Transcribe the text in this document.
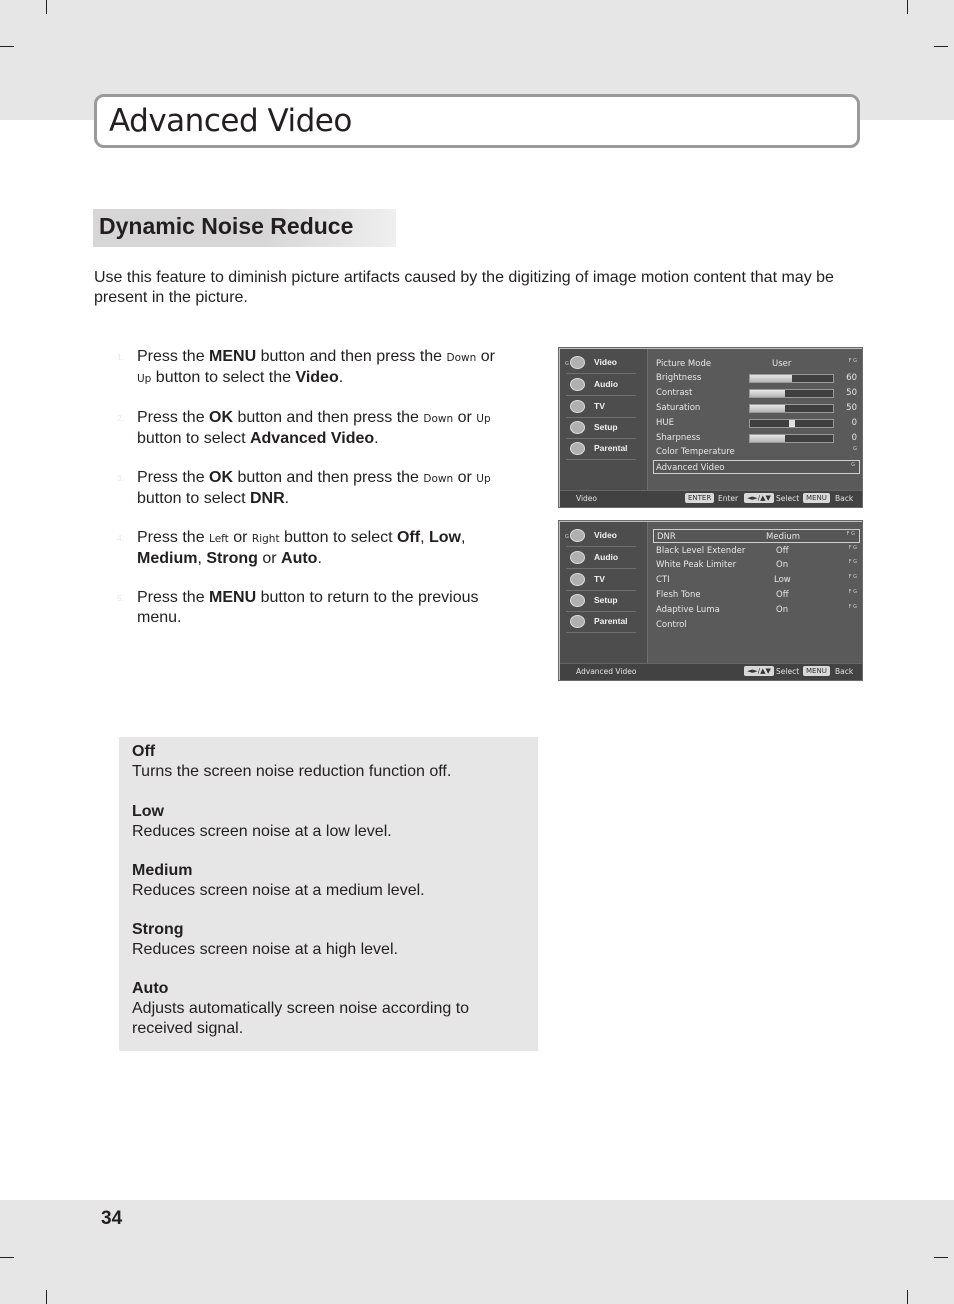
Advanced Video
Dynamic Noise Reduce

Use this feature to diminish picture artifacts caused by the digitizing of image motion content that may be present in the picture.

1. Press the MENU button and then press the Down or
Up button to select the Video.
2. Press the OK button and then press the Down or Up
button to select Advanced Video.
3. Press the OK button and then press the Down or Up
button to select DNR.
4. Press the Left or Right button to select Off, Low,
Medium, Strong or Auto.
5. Press the MENU button to return to the previous menu.
G	Video
Audio
TV
Setup
Parental
Picture Mode	User	F G
Brightness	60
Contrast	50
Saturation	50
HUE	0
Sharpness	0
Color Temperature	G
Advanced Video	G
Video	ENTER Enter	◄►/▲▼ Select MENU	Back
G	Video
Audio
TV
Setup
Parental
DNR	Medium	F G
Black Level Extender	Off	F G
White Peak Limiter	On	F G
CTI	Low	F G
Flesh Tone	Off	F G
Adaptive Luma	On	F G
Control
Advanced Video	◄►/▲▼ Select MENU	Back
Off
Turns the screen noise reduction function off.
Low
Reduces screen noise at a low level.
Medium
Reduces screen noise at a medium level.
Strong
Reduces screen noise at a high level.
Auto
Adjusts automatically screen noise according to received signal.
34
